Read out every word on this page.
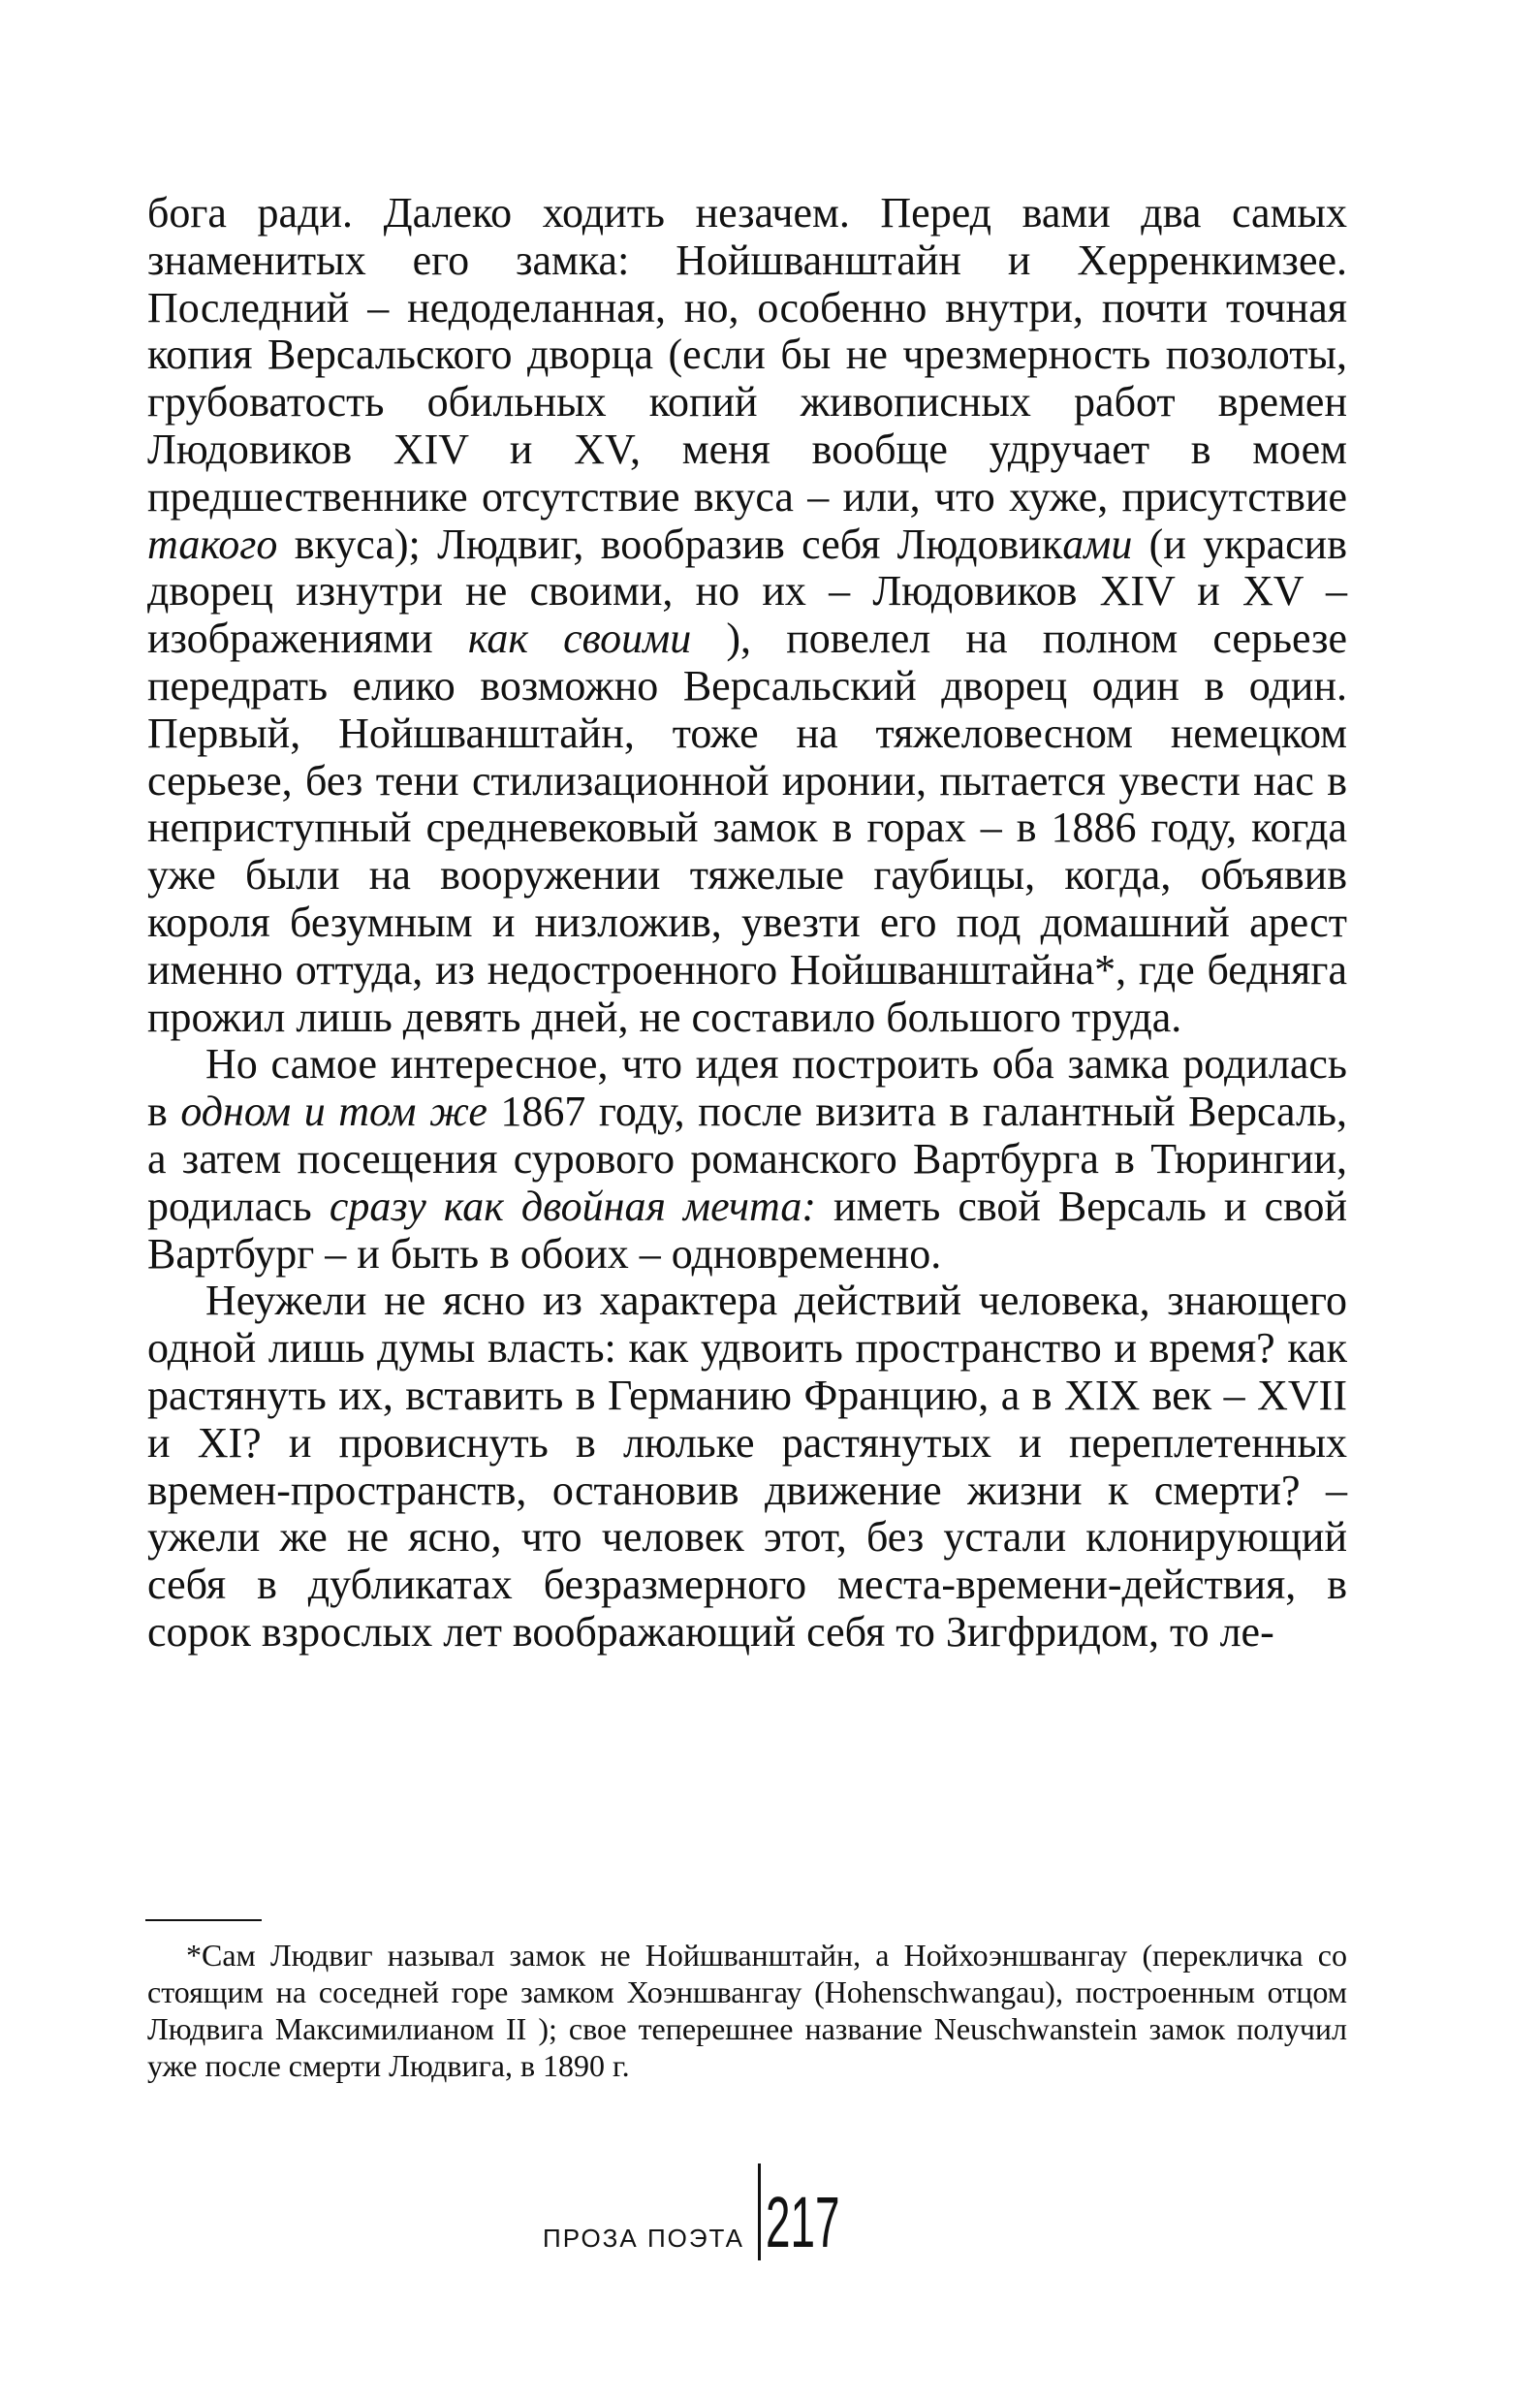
бога ради. Далеко ходить незачем. Перед вами два самых знаменитых его замка: Нойшванштайн и Херренкимзее. Последний – недоделанная, но, особенно внутри, почти точная копия Версальского дворца (если бы не чрезмерность позолоты, грубоватость обильных копий живописных работ времен Людовиков XIV и XV, меня вообще удручает в моем предшественнике отсутствие вкуса – или, что хуже, присутствие такого вкуса); Людвиг, вообразив себя Людовиками (и украсив дворец изнутри не своими, но их – Людовиков XIV и XV – изображениями как своими ), повелел на полном серьезе передрать елико возможно Версальский дворец один в один. Первый, Нойшванштайн, тоже на тяжеловесном немецком серьезе, без тени стилизационной иронии, пытается увести нас в неприступный средневековый замок в горах – в 1886 году, когда уже были на вооружении тяжелые гаубицы, когда, объявив короля безумным и низложив, увезти его под домашний арест именно оттуда, из недостроенного Нойшванштайна*, где бедняга прожил лишь девять дней, не составило большого труда.

Но самое интересное, что идея построить оба замка родилась в одном и том же 1867 году, после визита в галантный Версаль, а затем посещения сурового романского Вартбурга в Тюрингии, родилась сразу как двойная мечта: иметь свой Версаль и свой Вартбург – и быть в обоих – одновременно.

Неужели не ясно из характера действий человека, знающего одной лишь думы власть: как удвоить пространство и время? как растянуть их, вставить в Германию Францию, а в XIX век – XVII и XI? и провиснуть в люльке растянутых и переплетенных времен-пространств, остановив движение жизни к смерти? – ужели же не ясно, что человек этот, без устали клонирующий себя в дубликатах безразмерного места-времени-действия, в сорок взрослых лет воображающий себя то Зигфридом, то ле-

*Сам Людвиг называл замок не Нойшванштайн, а Нойхоэншвангау (перекличка со стоящим на соседней горе замком Хоэншвангау (Hohenschwangau), построенным отцом Людвига Максимилианом II ); свое теперешнее название Neuschwanstein замок получил уже после смерти Людвига, в 1890 г.

ПРОЗА ПОЭТА 217
